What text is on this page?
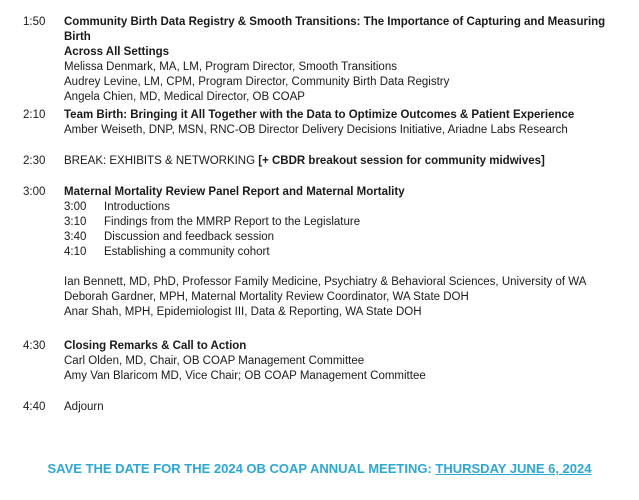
1:50 Community Birth Data Registry & Smooth Transitions: The Importance of Capturing and Measuring Birth
Across All Settings
Melissa Denmark, MA, LM, Program Director, Smooth Transitions
Audrey Levine, LM, CPM, Program Director, Community Birth Data Registry
Angela Chien, MD, Medical Director, OB COAP
2:10 Team Birth: Bringing it All Together with the Data to Optimize Outcomes & Patient Experience
Amber Weiseth, DNP, MSN, RNC-OB Director Delivery Decisions Initiative, Ariadne Labs Research
2:30 BREAK: EXHIBITS & NETWORKING [+ CBDR breakout session for community midwives]
3:00 Maternal Mortality Review Panel Report and Maternal Mortality
3:00 Introductions
3:10 Findings from the MMRP Report to the Legislature
3:40 Discussion and feedback session
4:10 Establishing a community cohort
Ian Bennett, MD, PhD, Professor Family Medicine, Psychiatry & Behavioral Sciences, University of WA
Deborah Gardner, MPH, Maternal Mortality Review Coordinator, WA State DOH
Anar Shah, MPH, Epidemiologist III, Data & Reporting, WA State DOH
4:30 Closing Remarks & Call to Action
Carl Olden, MD, Chair, OB COAP Management Committee
Amy Van Blaricom MD, Vice Chair; OB COAP Management Committee
4:40 Adjourn
SAVE THE DATE FOR THE 2024 OB COAP ANNUAL MEETING: THURSDAY JUNE 6, 2024
